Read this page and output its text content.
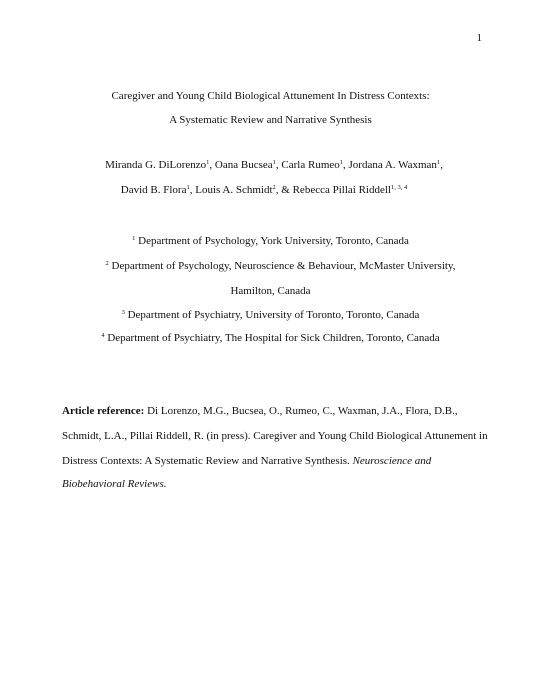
1
Caregiver and Young Child Biological Attunement In Distress Contexts:
A Systematic Review and Narrative Synthesis
Miranda G. DiLorenzo$^1$, Oana Bucsea$^1$, Carla Rumeo$^1$, Jordana A. Waxman$^1$,
David B. Flora$^1$, Louis A. Schmidt$^2$, & Rebecca Pillai Riddell$^{1, 3, 4}$
$^1$ Department of Psychology, York University, Toronto, Canada
$^2$ Department of Psychology, Neuroscience & Behaviour, McMaster University,
Hamilton, Canada
$^3$ Department of Psychiatry, University of Toronto, Toronto, Canada
$^4$ Department of Psychiatry, The Hospital for Sick Children, Toronto, Canada
Article reference: Di Lorenzo, M.G., Bucsea, O., Rumeo, C., Waxman, J.A., Flora, D.B.,
Schmidt, L.A., Pillai Riddell, R. (in press). Caregiver and Young Child Biological Attunement in
Distress Contexts: A Systematic Review and Narrative Synthesis. Neuroscience and
Biobehavioral Reviews.
